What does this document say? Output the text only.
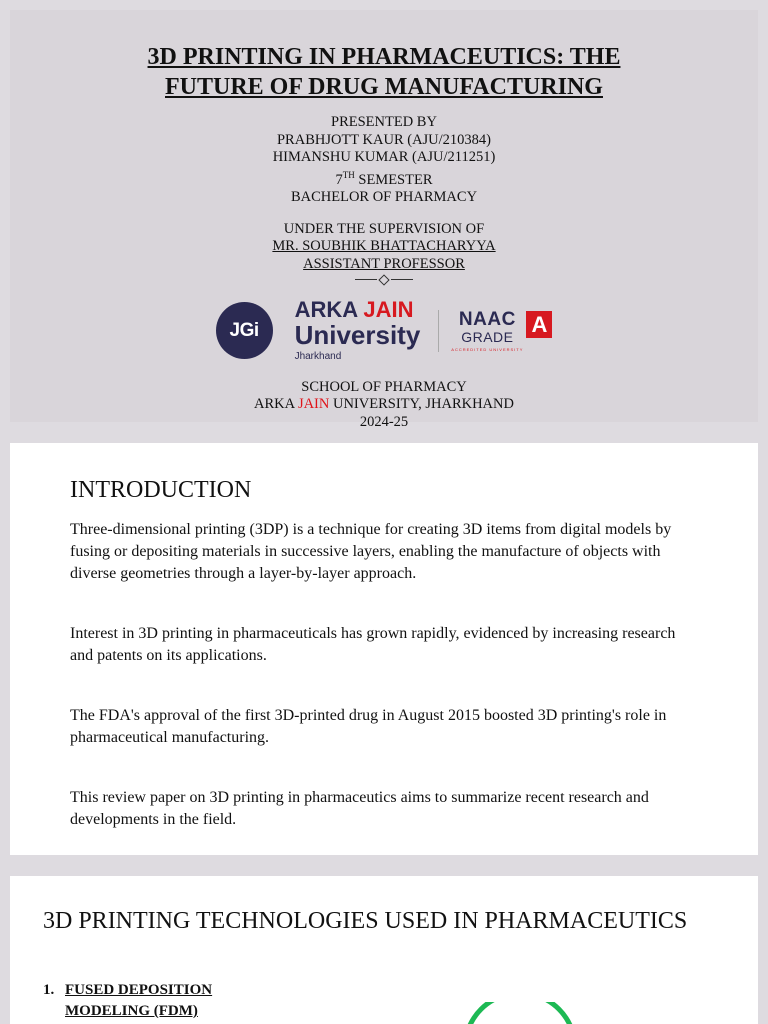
3D PRINTING IN PHARMACEUTICS: THE
FUTURE OF DRUG MANUFACTURING
PRESENTED BY
PRABHJOTT KAUR (AJU/210384)
HIMANSHU KUMAR (AJU/211251)
7TH SEMESTER
BACHELOR OF PHARMACY
UNDER THE SUPERVISION OF
MR. SOUBHIK BHATTACHARYYA
ASSISTANT PROFESSOR
JGi
ARKA JAIN
University
Jharkhand
NAAC
GRADE
ACCREDITED UNIVERSITY
A
SCHOOL OF PHARMACY
ARKA JAIN UNIVERSITY, JHARKHAND
2024-25
INTRODUCTION

Three-dimensional printing (3DP) is a technique for creating 3D items from digital models by fusing or depositing materials in successive layers, enabling the manufacture of objects with diverse geometries through a layer-by-layer approach.

Interest in 3D printing in pharmaceuticals has grown rapidly, evidenced by increasing research and patents on its applications.

The FDA's approval of the first 3D-printed drug in August 2015 boosted 3D printing's role in pharmaceutical manufacturing.

This review paper on 3D printing in pharmaceutics aims to summarize recent research and developments in the field.

3D PRINTING TECHNOLOGIES USED IN PHARMACEUTICS
1. FUSED DEPOSITION
MODELING (FDM)
